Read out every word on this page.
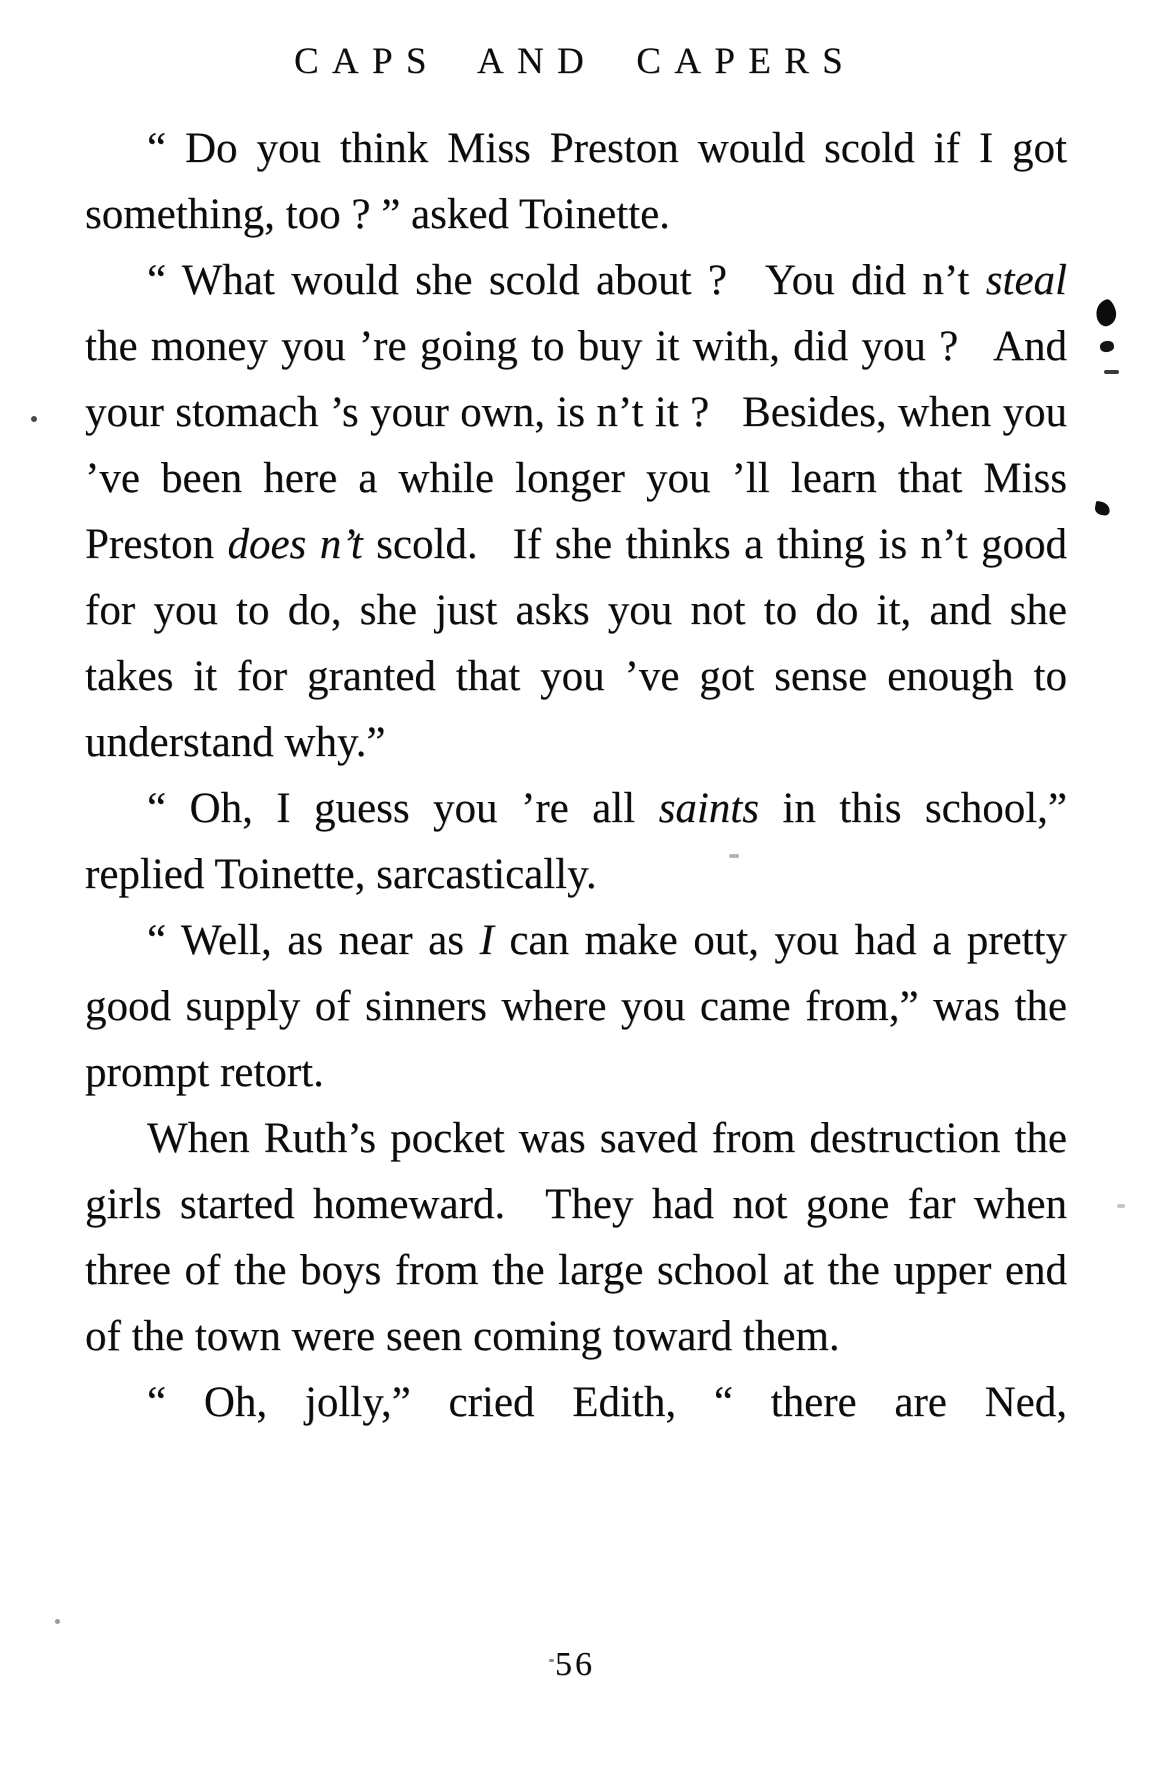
CAPS AND CAPERS

“ Do you think Miss Preston would scold if I got something, too ? ” asked Toinette.

“ What would she scold about ?  You did n’t steal the money you ’re going to buy it with, did you ?  And your stomach ’s your own, is n’t it ?  Besides, when you ’ve been here a while longer you ’ll learn that Miss Preston does n’t scold.  If she thinks a thing is n’t good for you to do, she just asks you not to do it, and she takes it for granted that you ’ve got sense enough to understand why.”

“ Oh, I guess you ’re all saints in this school,” replied Toinette, sarcastically.

“ Well, as near as I can make out, you had a pretty good supply of sinners where you came from,” was the prompt retort.

When Ruth’s pocket was saved from destruction the girls started homeward.  They had not gone far when three of the boys from the large school at the upper end of the town were seen coming toward them.

“ Oh, jolly,” cried Edith, “ there are Ned,

56
